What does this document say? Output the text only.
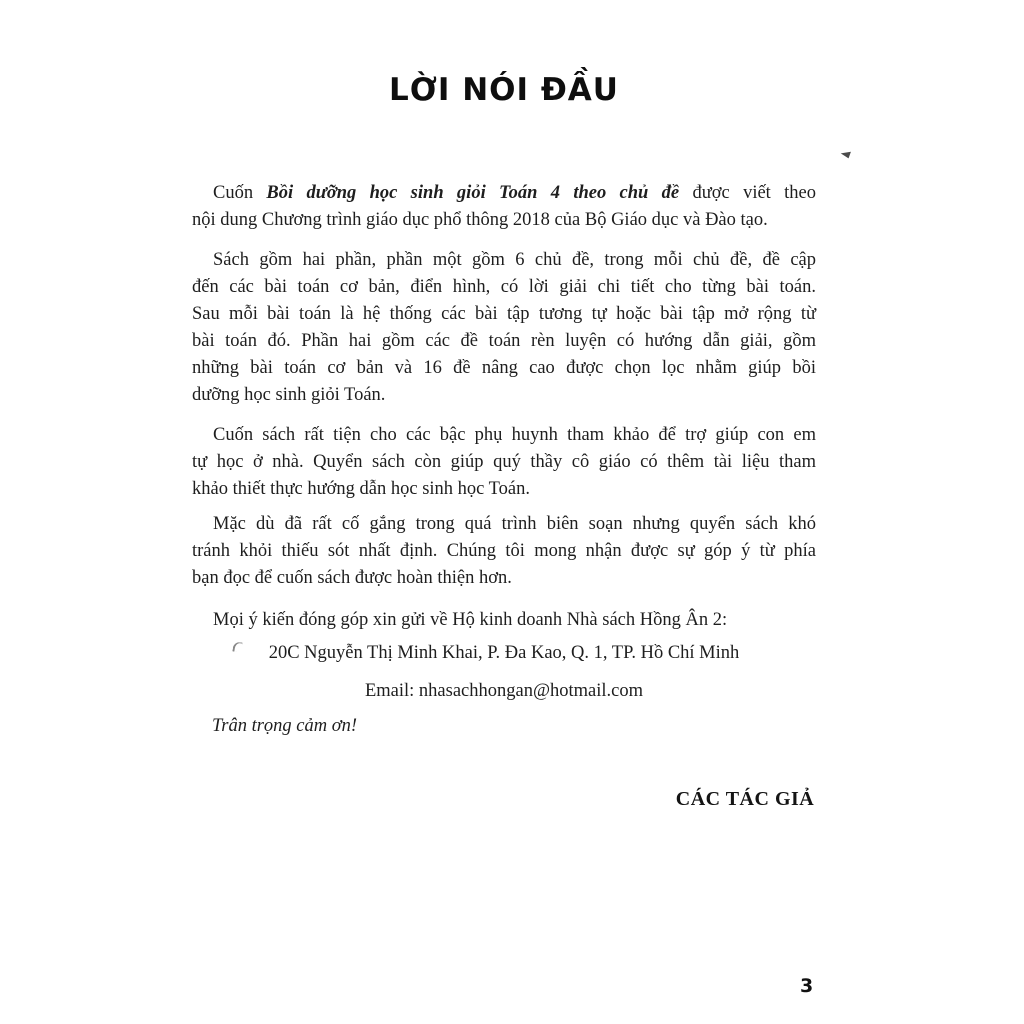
LỜI NÓI ĐẦU
Cuốn Bồi dưỡng học sinh giỏi Toán 4 theo chủ đề được viết theo
nội dung Chương trình giáo dục phổ thông 2018 của Bộ Giáo dục và Đào tạo.
Sách gồm hai phần, phần một gồm 6 chủ đề, trong mỗi chủ đề, đề cập
đến các bài toán cơ bản, điển hình, có lời giải chi tiết cho từng bài toán.
Sau mỗi bài toán là hệ thống các bài tập tương tự hoặc bài tập mở rộng từ
bài toán đó. Phần hai gồm các đề toán rèn luyện có hướng dẫn giải, gồm
những bài toán cơ bản và 16 đề nâng cao được chọn lọc nhằm giúp bồi
dưỡng học sinh giỏi Toán.
Cuốn sách rất tiện cho các bậc phụ huynh tham khảo để trợ giúp con em
tự học ở nhà. Quyển sách còn giúp quý thầy cô giáo có thêm tài liệu tham
khảo thiết thực hướng dẫn học sinh học Toán.
Mặc dù đã rất cố gắng trong quá trình biên soạn nhưng quyển sách khó
tránh khỏi thiếu sót nhất định. Chúng tôi mong nhận được sự góp ý từ phía
bạn đọc để cuốn sách được hoàn thiện hơn.
Mọi ý kiến đóng góp xin gửi về Hộ kinh doanh Nhà sách Hồng Ân 2:
20C Nguyễn Thị Minh Khai, P. Đa Kao, Q. 1, TP. Hồ Chí Minh
Email: nhasachhongan@hotmail.com
Trân trọng cảm ơn!
CÁC TÁC GIẢ
3
